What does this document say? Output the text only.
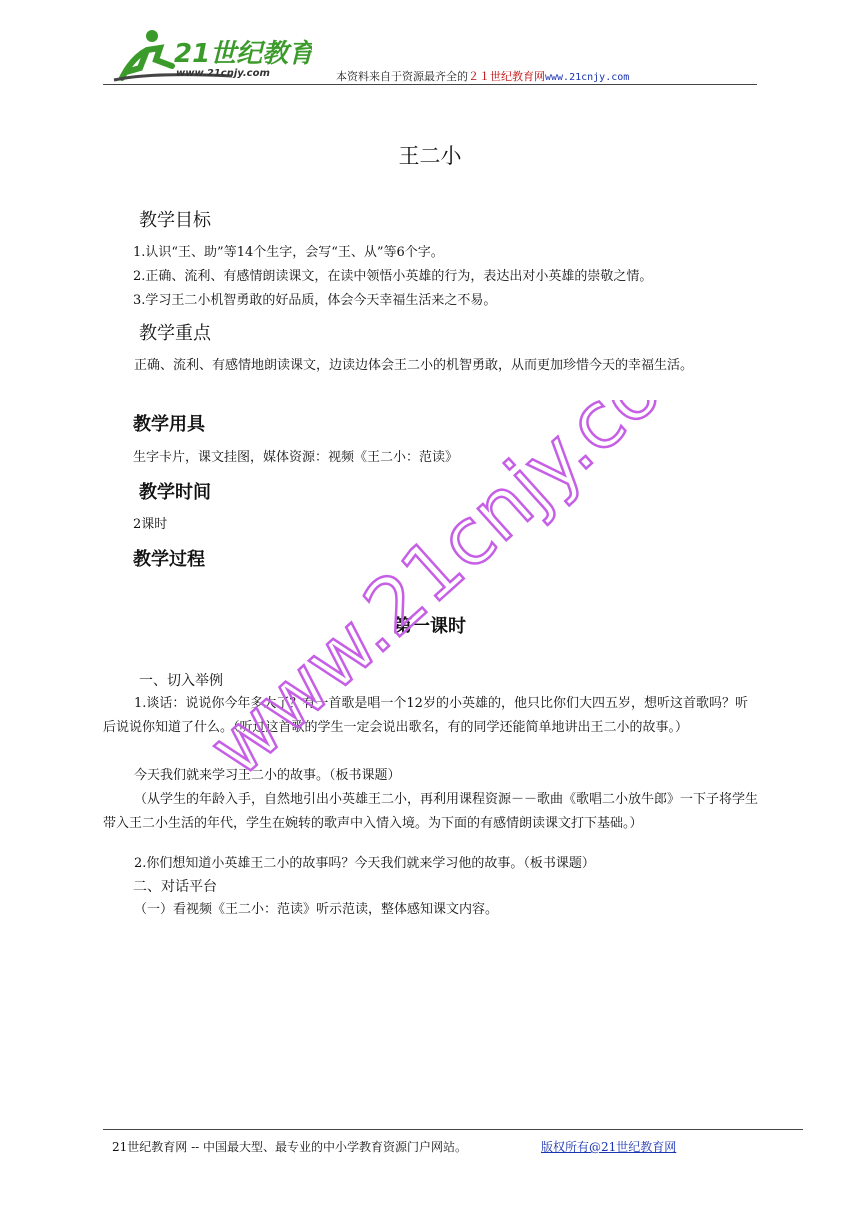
21世纪教育
www.21cnjy.com	本资料来自于资源最齐全的２１世纪教育网www.21cnjy.com
王二小
教学目标
1.认识“王、助”等14个生字，会写“王、从”等6个字。
2.正确、流利、有感情朗读课文，在读中领悟小英雄的行为，表达出对小英雄的崇敬之情。
3.学习王二小机智勇敢的好品质，体会今天幸福生活来之不易。
教学重点
正确、流利、有感情地朗读课文，边读边体会王二小的机智勇敢，从而更加珍惜今天的幸福生活。
教学用具
生字卡片，课文挂图，媒体资源：视频《王二小：范读》
教学时间
2课时
教学过程
第一课时
一、切入举例
1.谈话：说说你今年多大了？有一首歌是唱一个12岁的小英雄的，他只比你们大四五岁，想听这首歌吗？听后说说你知道了什么。（听过这首歌的学生一定会说出歌名，有的同学还能简单地讲出王二小的故事。）
今天我们就来学习王二小的故事。（板书课题）
（从学生的年龄入手，自然地引出小英雄王二小，再利用课程资源－－歌曲《歌唱二小放牛郎》一下子将学生带入王二小生活的年代，学生在婉转的歌声中入情入境。为下面的有感情朗读课文打下基础。）
2.你们想知道小英雄王二小的故事吗？今天我们就来学习他的故事。（板书课题）
二、对话平台
（一）看视频《王二小：范读》听示范读，整体感知课文内容。
www.21cnjy.com
21世纪教育网 -- 中国最大型、最专业的中小学教育资源门户网站。	版权所有@21世纪教育网
